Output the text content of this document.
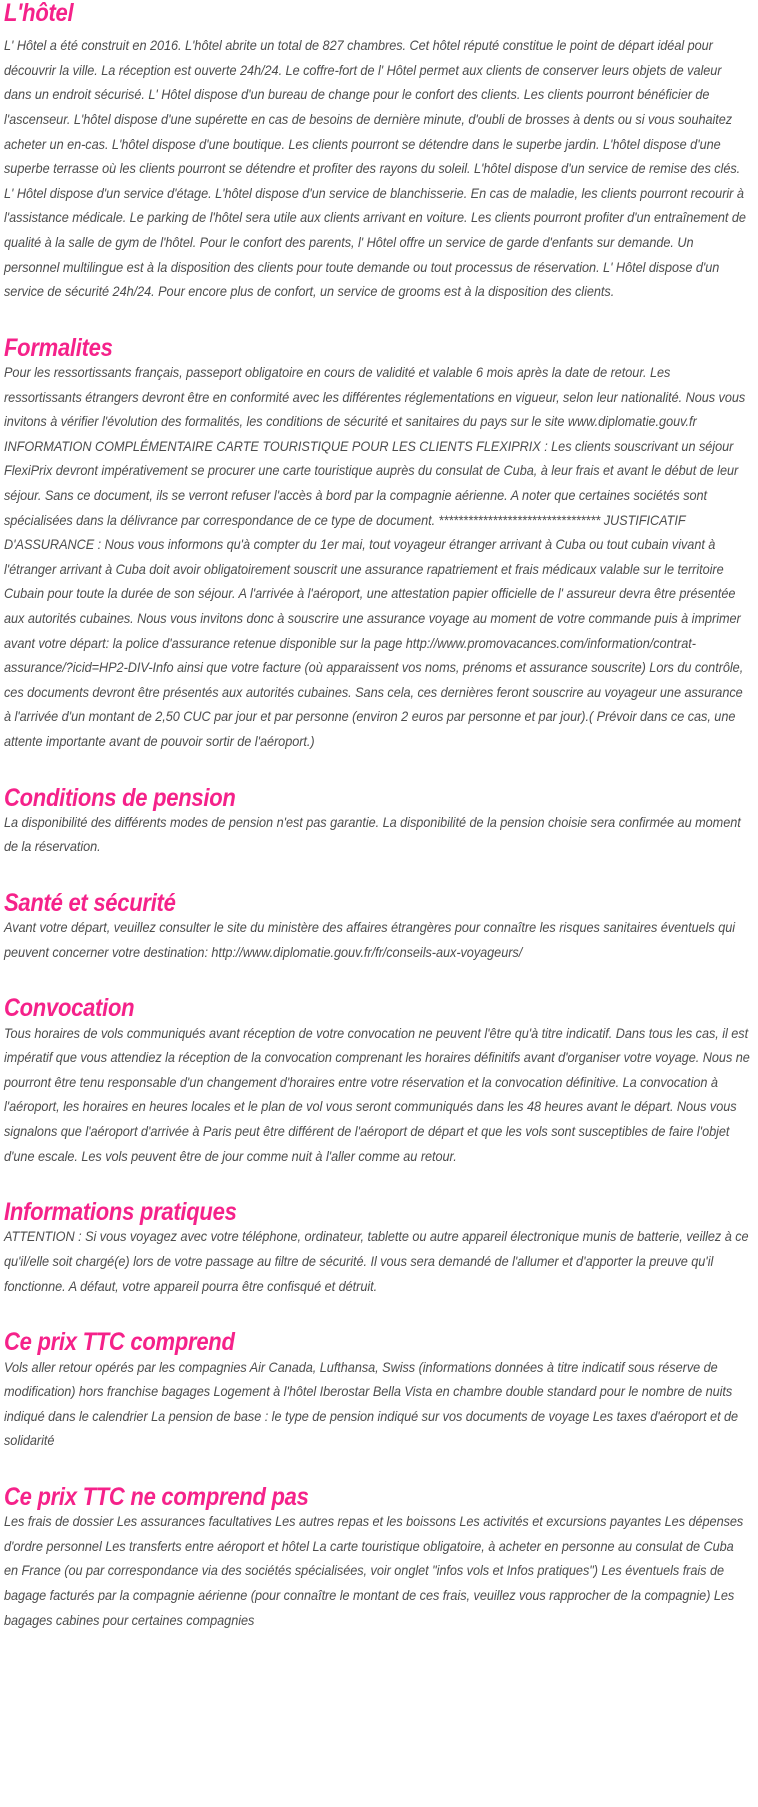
L'hôtel

L' Hôtel a été construit en 2016. L'hôtel abrite un total de 827 chambres. Cet hôtel réputé constitue le point de départ idéal pour découvrir la ville. La réception est ouverte 24h/24. Le coffre-fort de l' Hôtel permet aux clients de conserver leurs objets de valeur dans un endroit sécurisé. L' Hôtel dispose d'un bureau de change pour le confort des clients. Les clients pourront bénéficier de l'ascenseur. L'hôtel dispose d'une supérette en cas de besoins de dernière minute, d'oubli de brosses à dents ou si vous souhaitez acheter un en-cas. L'hôtel dispose d'une boutique. Les clients pourront se détendre dans le superbe jardin. L'hôtel dispose d'une superbe terrasse où les clients pourront se détendre et profiter des rayons du soleil. L'hôtel dispose d'un service de remise des clés. L' Hôtel dispose d'un service d'étage. L'hôtel dispose d'un service de blanchisserie. En cas de maladie, les clients pourront recourir à l'assistance médicale. Le parking de l'hôtel sera utile aux clients arrivant en voiture. Les clients pourront profiter d'un entraînement de qualité à la salle de gym de l'hôtel. Pour le confort des parents, l' Hôtel offre un service de garde d'enfants sur demande. Un personnel multilingue est à la disposition des clients pour toute demande ou tout processus de réservation. L' Hôtel dispose d'un service de sécurité 24h/24. Pour encore plus de confort, un service de grooms est à la disposition des clients.

Formalites

Pour les ressortissants français, passeport obligatoire en cours de validité et valable 6 mois après la date de retour. Les ressortissants étrangers devront être en conformité avec les différentes réglementations en vigueur, selon leur nationalité. Nous vous invitons à vérifier l'évolution des formalités, les conditions de sécurité et sanitaires du pays sur le site www.diplomatie.gouv.fr INFORMATION COMPLÉMENTAIRE CARTE TOURISTIQUE POUR LES CLIENTS FLEXIPRIX : Les clients souscrivant un séjour FlexiPrix devront impérativement se procurer une carte touristique auprès du consulat de Cuba, à leur frais et avant le début de leur séjour. Sans ce document, ils se verront refuser l'accès à bord par la compagnie aérienne. A noter que certaines sociétés sont spécialisées dans la délivrance par correspondance de ce type de document. ********************************* JUSTIFICATIF D'ASSURANCE : Nous vous informons qu'à compter du 1er mai, tout voyageur étranger arrivant à Cuba ou tout cubain vivant à l'étranger arrivant à Cuba doit avoir obligatoirement souscrit une assurance rapatriement et frais médicaux valable sur le territoire Cubain pour toute la durée de son séjour. A l'arrivée à l'aéroport, une attestation papier officielle de l' assureur devra être présentée aux autorités cubaines. Nous vous invitons donc à souscrire une assurance voyage au moment de votre commande puis à imprimer avant votre départ: la police d'assurance retenue disponible sur la page http://www.promovacances.com/information/contrat-assurance/?icid=HP2-DIV-Info ainsi que votre facture (où apparaissent vos noms, prénoms et assurance souscrite) Lors du contrôle, ces documents devront être présentés aux autorités cubaines. Sans cela, ces dernières feront souscrire au voyageur une assurance à l'arrivée d'un montant de 2,50 CUC par jour et par personne (environ 2 euros par personne et par jour).( Prévoir dans ce cas, une attente importante avant de pouvoir sortir de l'aéroport.)

Conditions de pension

La disponibilité des différents modes de pension n'est pas garantie. La disponibilité de la pension choisie sera confirmée au moment de la réservation.

Santé et sécurité

Avant votre départ, veuillez consulter le site du ministère des affaires étrangères pour connaître les risques sanitaires éventuels qui peuvent concerner votre destination: http://www.diplomatie.gouv.fr/fr/conseils-aux-voyageurs/

Convocation

Tous horaires de vols communiqués avant réception de votre convocation ne peuvent l'être qu'à titre indicatif. Dans tous les cas, il est impératif que vous attendiez la réception de la convocation comprenant les horaires définitifs avant d'organiser votre voyage. Nous ne pourront être tenu responsable d'un changement d'horaires entre votre réservation et la convocation définitive. La convocation à l'aéroport, les horaires en heures locales et le plan de vol vous seront communiqués dans les 48 heures avant le départ. Nous vous signalons que l'aéroport d'arrivée à Paris peut être différent de l'aéroport de départ et que les vols sont susceptibles de faire l'objet d'une escale. Les vols peuvent être de jour comme nuit à l'aller comme au retour.

Informations pratiques

ATTENTION : Si vous voyagez avec votre téléphone, ordinateur, tablette ou autre appareil électronique munis de batterie, veillez à ce qu'il/elle soit chargé(e) lors de votre passage au filtre de sécurité. Il vous sera demandé de l'allumer et d'apporter la preuve qu'il fonctionne. A défaut, votre appareil pourra être confisqué et détruit.

Ce prix TTC comprend

Vols aller retour opérés par les compagnies Air Canada, Lufthansa, Swiss (informations données à titre indicatif sous réserve de modification) hors franchise bagages Logement à l'hôtel Iberostar Bella Vista en chambre double standard pour le nombre de nuits indiqué dans le calendrier La pension de base : le type de pension indiqué sur vos documents de voyage Les taxes d'aéroport et de solidarité

Ce prix TTC ne comprend pas

Les frais de dossier Les assurances facultatives Les autres repas et les boissons Les activités et excursions payantes Les dépenses d'ordre personnel Les transferts entre aéroport et hôtel La carte touristique obligatoire, à acheter en personne au consulat de Cuba en France (ou par correspondance via des sociétés spécialisées, voir onglet "infos vols et Infos pratiques") Les éventuels frais de bagage facturés par la compagnie aérienne (pour connaître le montant de ces frais, veuillez vous rapprocher de la compagnie) Les bagages cabines pour certaines compagnies
